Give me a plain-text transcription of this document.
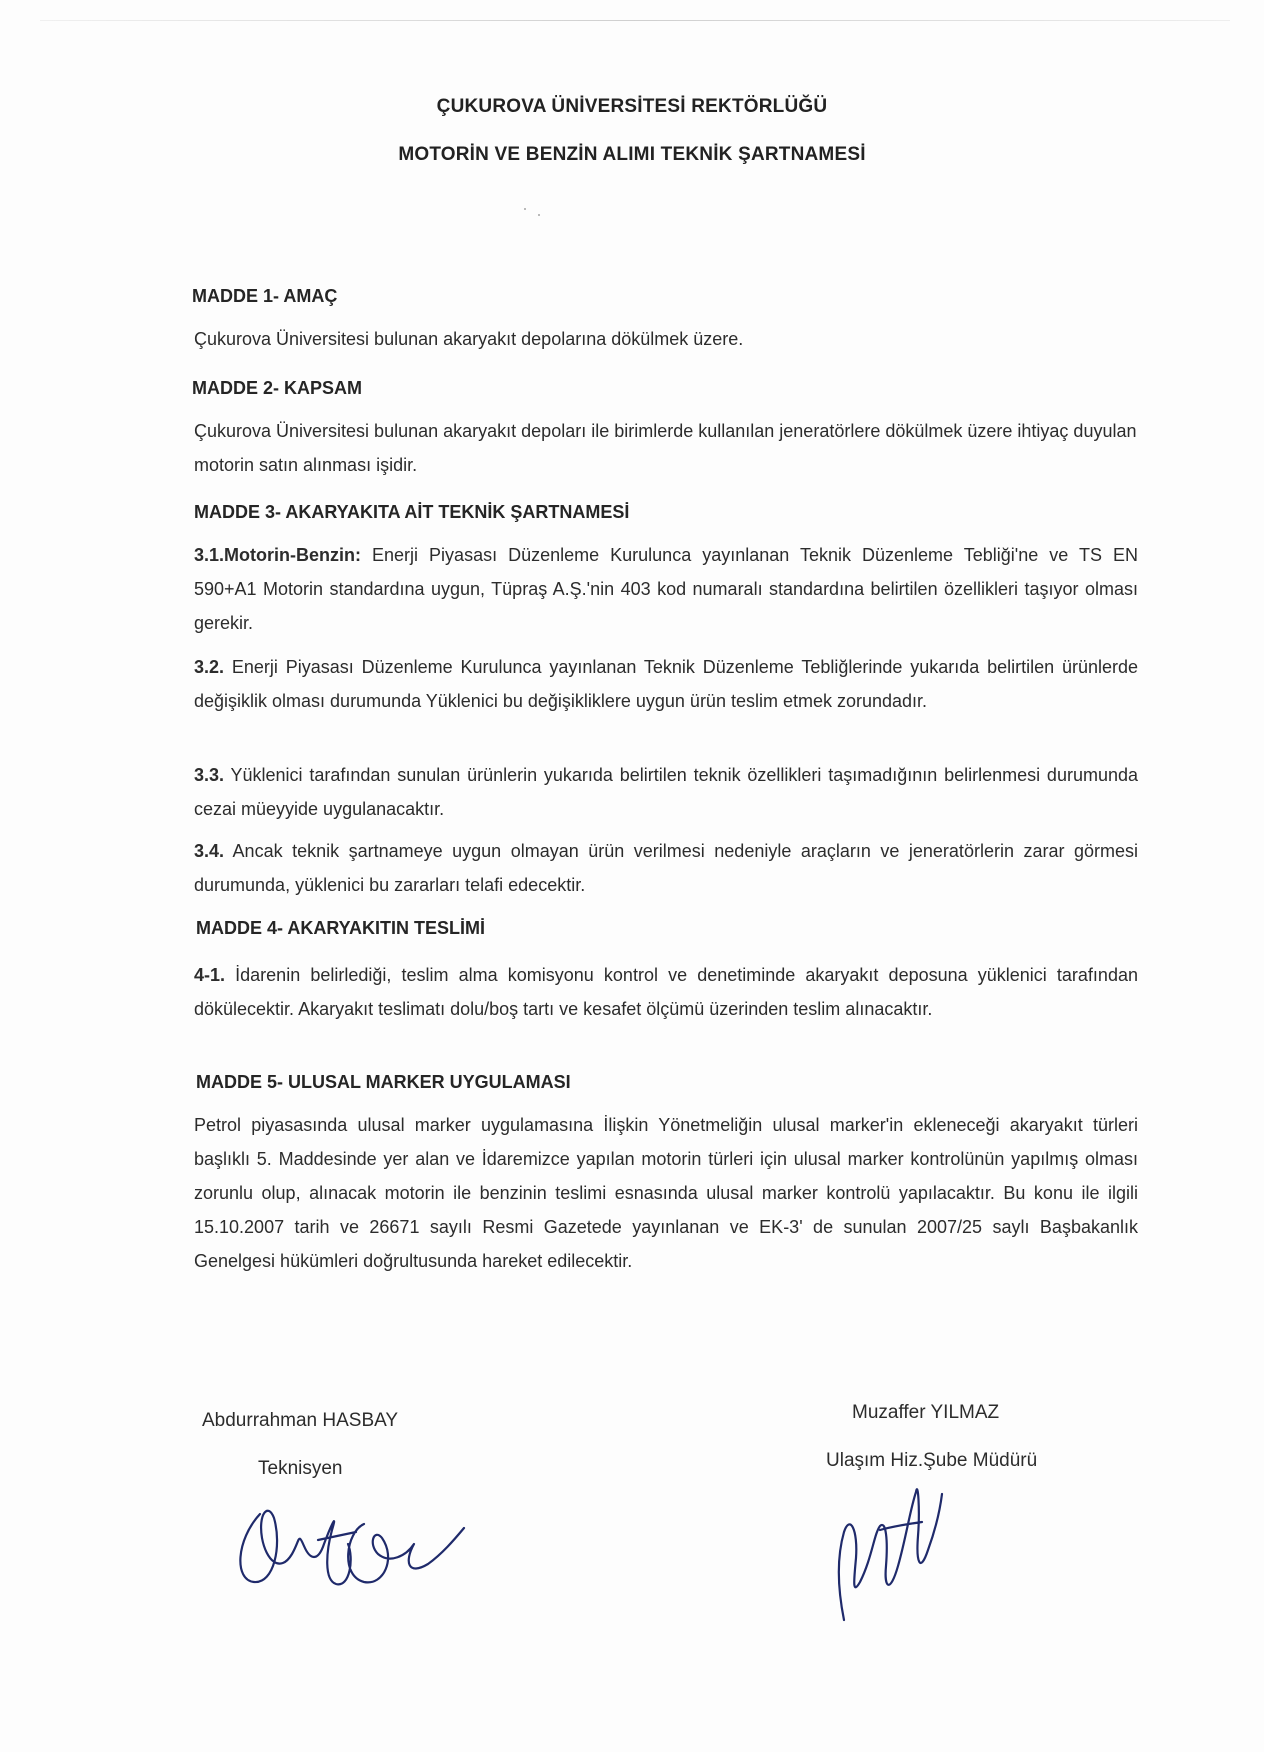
ÇUKUROVA ÜNİVERSİTESİ REKTÖRLÜĞÜ
MOTORİN VE BENZİN ALIMI TEKNİK ŞARTNAMESİ
MADDE 1- AMAÇ
Çukurova Üniversitesi bulunan akaryakıt depolarına dökülmek üzere.
MADDE 2- KAPSAM
Çukurova Üniversitesi bulunan akaryakıt depoları ile birimlerde kullanılan jeneratörlere dökülmek üzere ihtiyaç duyulan motorin satın alınması işidir.
MADDE 3- AKARYAKITA AİT TEKNİK ŞARTNAMESİ
3.1.Motorin-Benzin: Enerji Piyasası Düzenleme Kurulunca yayınlanan Teknik Düzenleme Tebliği'ne ve TS EN 590+A1 Motorin standardına uygun, Tüpraş A.Ş.'nin 403 kod numaralı standardına belirtilen özellikleri taşıyor olması gerekir.
3.2. Enerji Piyasası Düzenleme Kurulunca yayınlanan Teknik Düzenleme Tebliğlerinde yukarıda belirtilen ürünlerde değişiklik olması durumunda Yüklenici bu değişikliklere uygun ürün teslim etmek zorundadır.
3.3. Yüklenici tarafından sunulan ürünlerin yukarıda belirtilen teknik özellikleri taşımadığının belirlenmesi durumunda cezai müeyyide uygulanacaktır.
3.4. Ancak teknik şartnameye uygun olmayan ürün verilmesi nedeniyle araçların ve jeneratörlerin zarar görmesi durumunda, yüklenici bu zararları telafi edecektir.
MADDE 4- AKARYAKITIN TESLİMİ
4-1. İdarenin belirlediği, teslim alma komisyonu kontrol ve denetiminde akaryakıt deposuna yüklenici tarafından dökülecektir. Akaryakıt teslimatı dolu/boş tartı ve kesafet ölçümü üzerinden teslim alınacaktır.
MADDE 5- ULUSAL MARKER UYGULAMASI
Petrol piyasasında ulusal marker uygulamasına İlişkin Yönetmeliğin ulusal marker'in ekleneceği akaryakıt türleri başlıklı 5. Maddesinde yer alan ve İdaremizce yapılan motorin türleri için ulusal marker kontrolünün yapılmış olması zorunlu olup, alınacak motorin ile benzinin teslimi esnasında ulusal marker kontrolü yapılacaktır. Bu konu ile ilgili 15.10.2007 tarih ve 26671 sayılı Resmi Gazetede yayınlanan ve EK-3' de sunulan 2007/25 saylı Başbakanlık Genelgesi hükümleri doğrultusunda hareket edilecektir.
Abdurrahman HASBAY
Teknisyen
Muzaffer YILMAZ
Ulaşım Hiz.Şube Müdürü
